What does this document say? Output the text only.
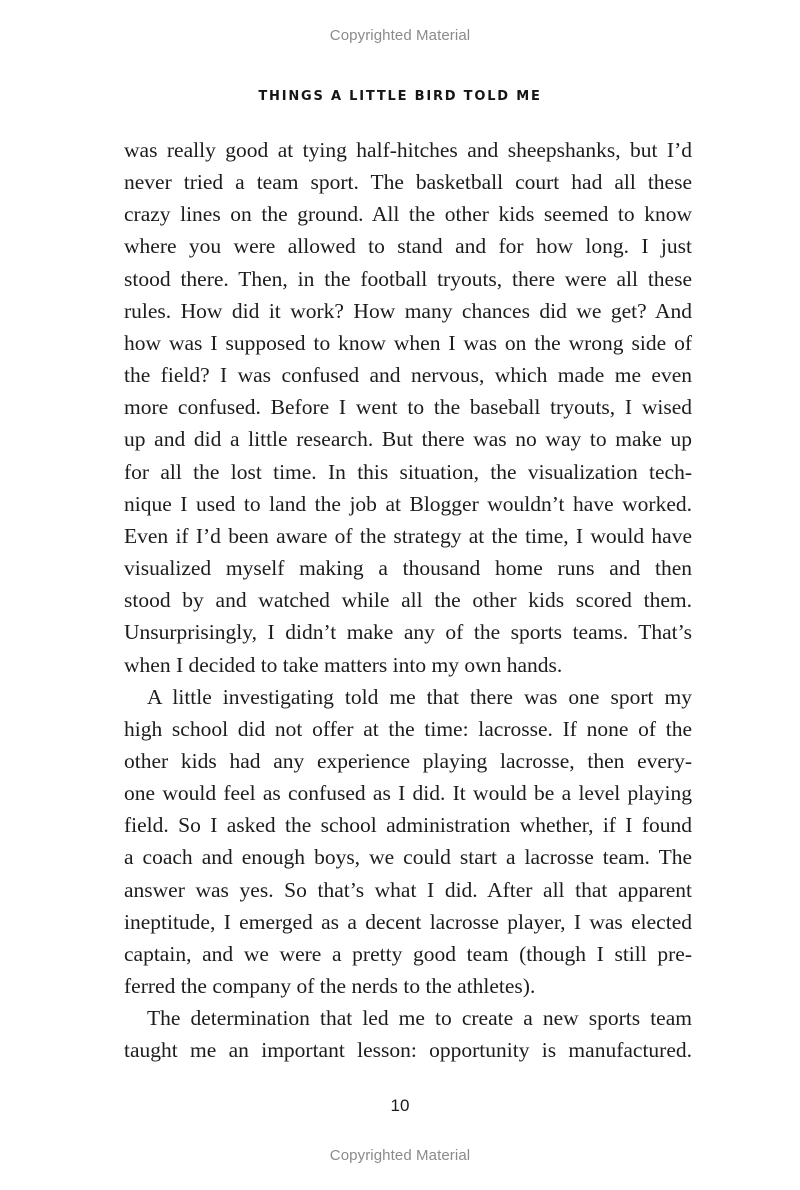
Copyrighted Material
THINGS A LITTLE BIRD TOLD ME
was really good at tying half-hitches and sheepshanks, but I’d
never tried a team sport. The basketball court had all these
crazy lines on the ground. All the other kids seemed to know
where you were allowed to stand and for how long. I just
stood there. Then, in the football tryouts, there were all these
rules. How did it work? How many chances did we get? And
how was I supposed to know when I was on the wrong side of
the field? I was confused and nervous, which made me even
more confused. Before I went to the baseball tryouts, I wised
up and did a little research. But there was no way to make up
for all the lost time. In this situation, the visualization tech-
nique I used to land the job at Blogger wouldn’t have worked.
Even if I’d been aware of the strategy at the time, I would have
visualized myself making a thousand home runs and then
stood by and watched while all the other kids scored them.
Unsurprisingly, I didn’t make any of the sports teams. That’s
when I decided to take matters into my own hands.
A little investigating told me that there was one sport my
high school did not offer at the time: lacrosse. If none of the
other kids had any experience playing lacrosse, then every-
one would feel as confused as I did. It would be a level playing
field. So I asked the school administration whether, if I found
a coach and enough boys, we could start a lacrosse team. The
answer was yes. So that’s what I did. After all that apparent
ineptitude, I emerged as a decent lacrosse player, I was elected
captain, and we were a pretty good team (though I still pre-
ferred the company of the nerds to the athletes).
The determination that led me to create a new sports team
taught me an important lesson: opportunity is manufactured.
10
Copyrighted Material
